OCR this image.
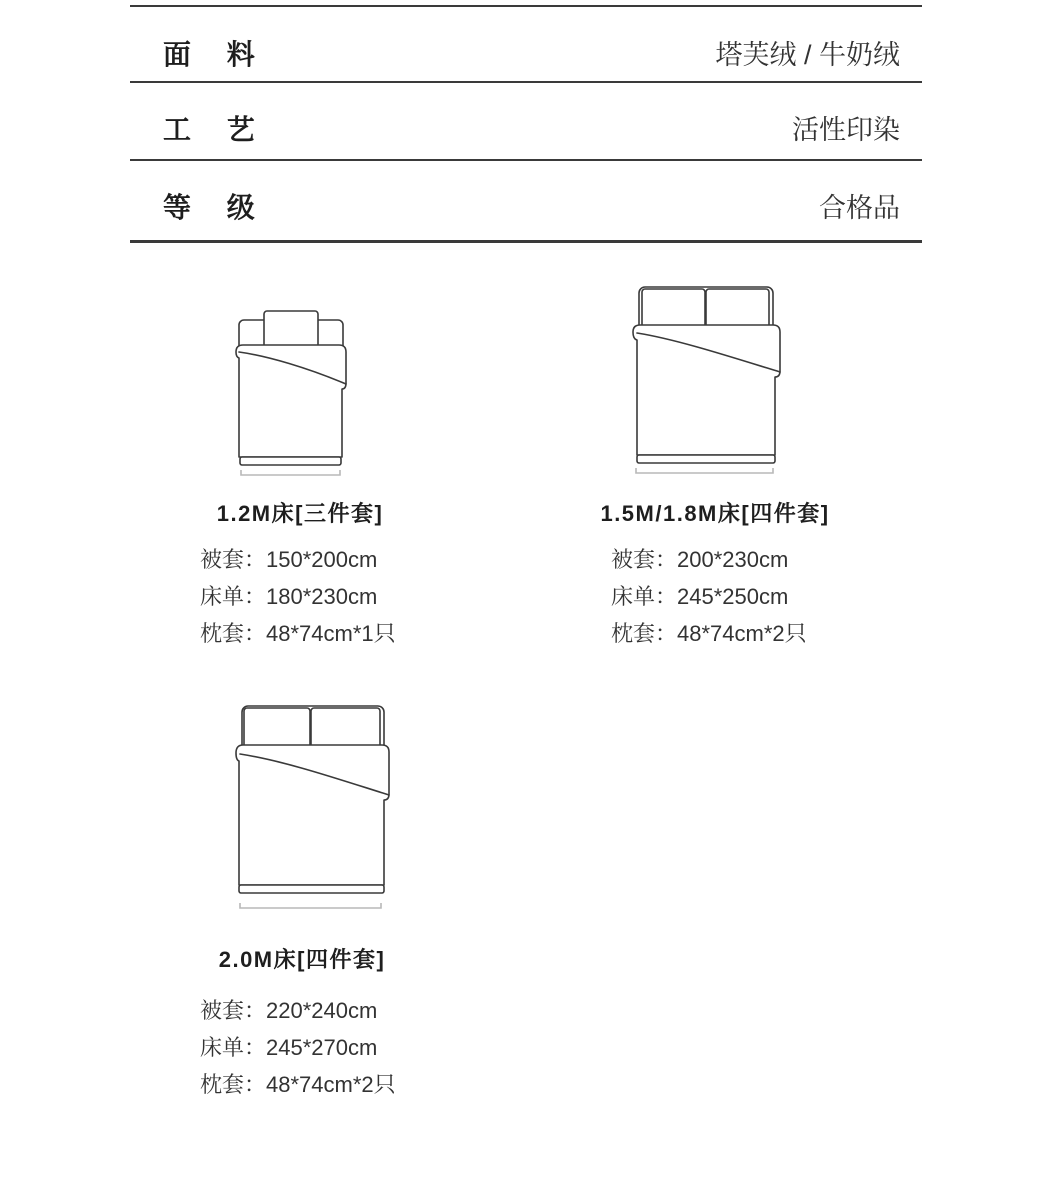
面 料	塔芙绒 / 牛奶绒
工 艺	活性印染
等 级	合格品
1.2M床[三件套]
被套：150*200cm
床单：180*230cm
枕套：48*74cm*1只
1.5M/1.8M床[四件套]
被套：200*230cm
床单：245*250cm
枕套：48*74cm*2只
2.0M床[四件套]
被套：220*240cm
床单：245*270cm
枕套：48*74cm*2只
